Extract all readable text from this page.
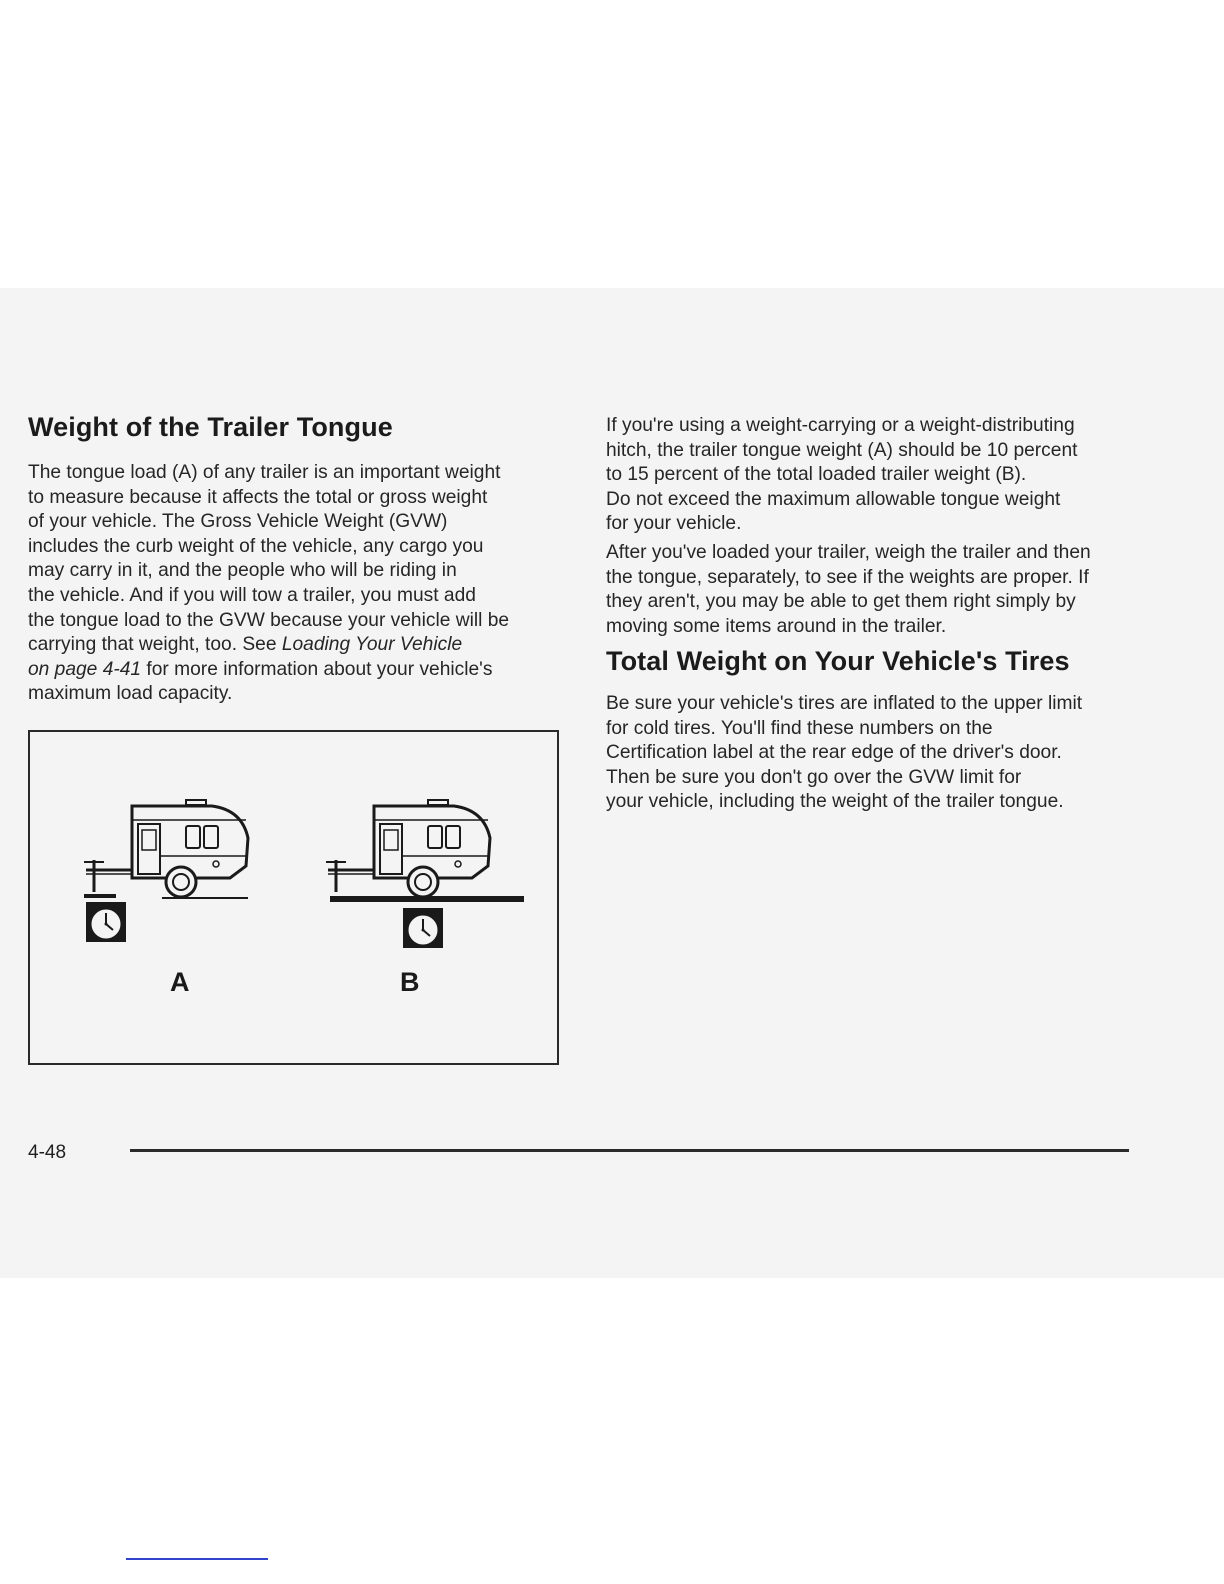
Weight of the Trailer Tongue

The tongue load (A) of any trailer is an important weight
to measure because it affects the total or gross weight
of your vehicle. The Gross Vehicle Weight (GVW)
includes the curb weight of the vehicle, any cargo you
may carry in it, and the people who will be riding in
the vehicle. And if you will tow a trailer, you must add
the tongue load to the GVW because your vehicle will be
carrying that weight, too. See Loading Your Vehicle
on page 4-41 for more information about your vehicle's
maximum load capacity.

A	B

If you're using a weight-carrying or a weight-distributing
hitch, the trailer tongue weight (A) should be 10 percent
to 15 percent of the total loaded trailer weight (B).
Do not exceed the maximum allowable tongue weight
for your vehicle.

After you've loaded your trailer, weigh the trailer and then
the tongue, separately, to see if the weights are proper. If
they aren't, you may be able to get them right simply by
moving some items around in the trailer.

Total Weight on Your Vehicle's Tires

Be sure your vehicle's tires are inflated to the upper limit
for cold tires. You'll find these numbers on the
Certification label at the rear edge of the driver's door.
Then be sure you don't go over the GVW limit for
your vehicle, including the weight of the trailer tongue.

4-48
